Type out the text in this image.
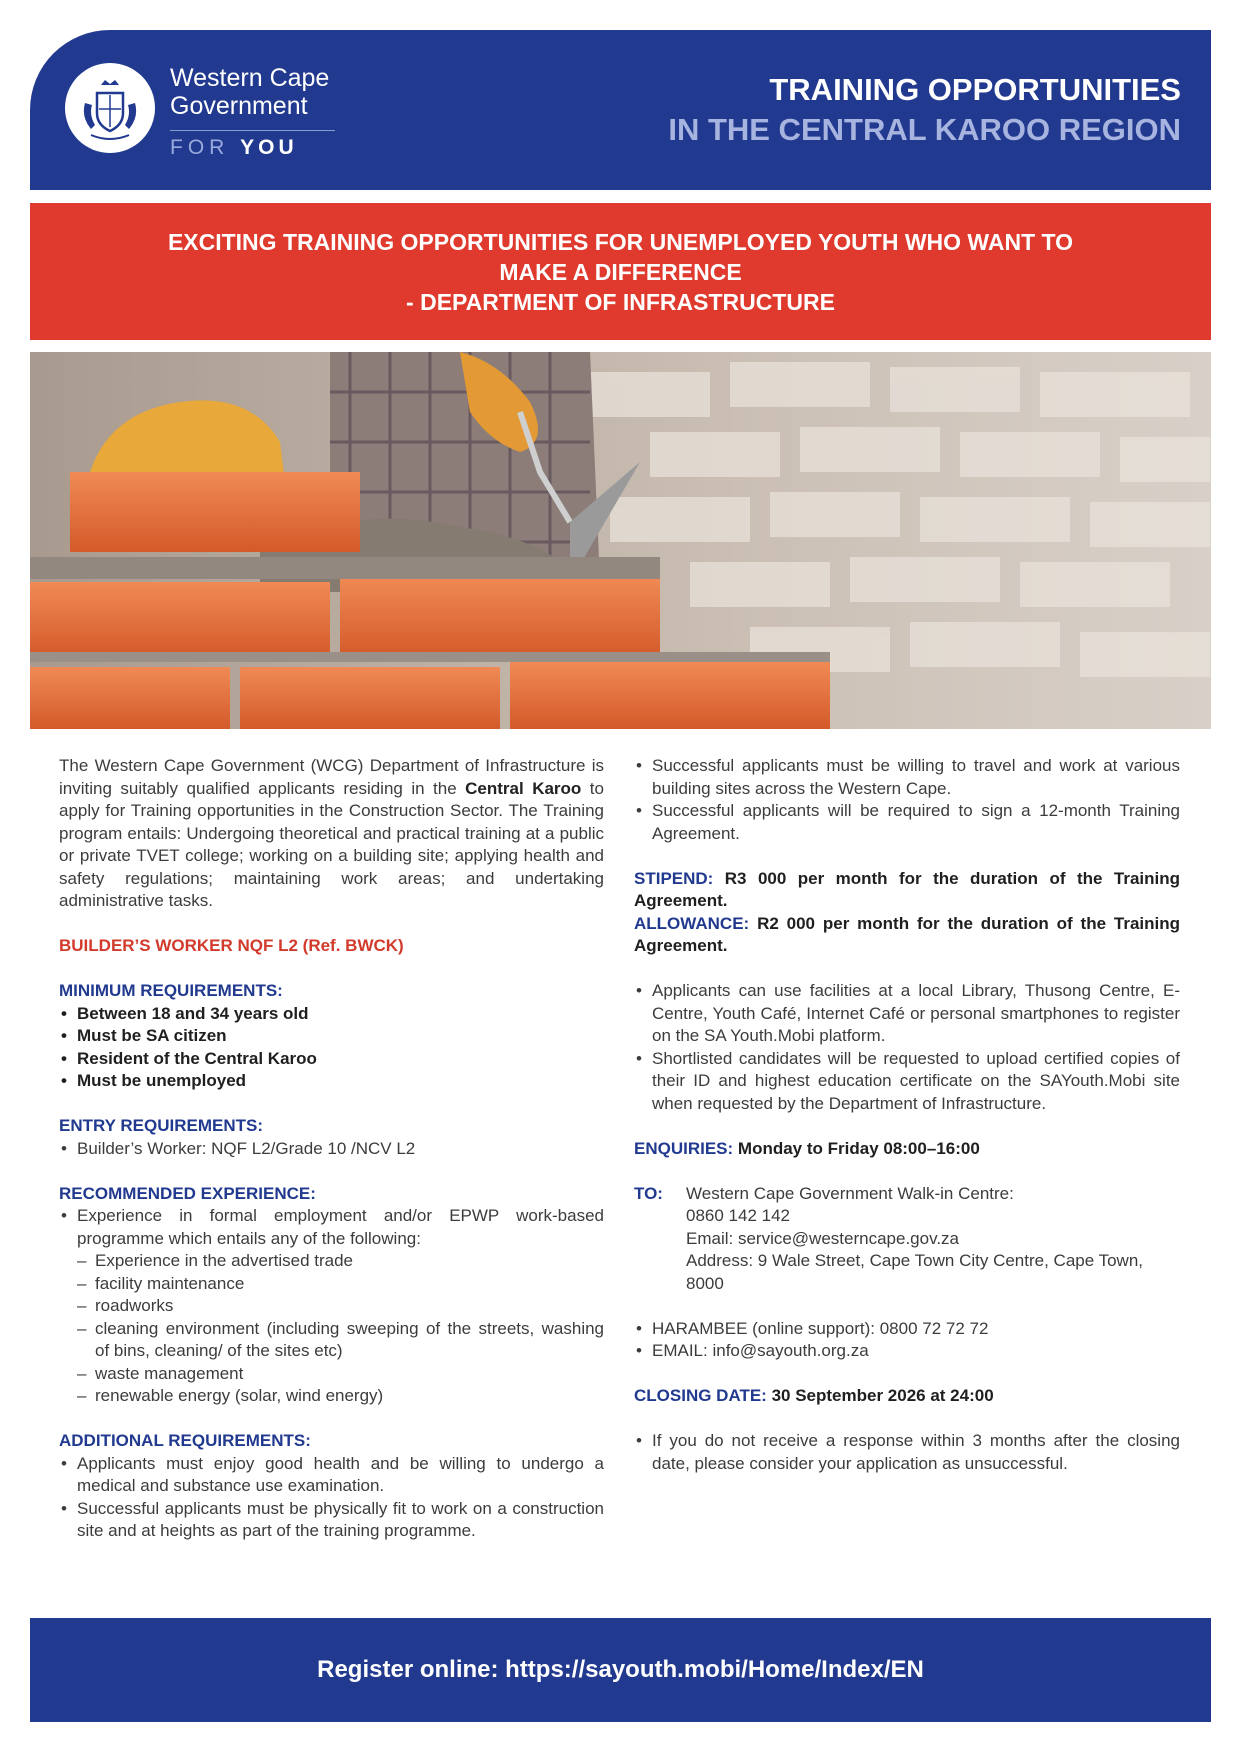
Western Cape
Government
FOR YOU
TRAINING OPPORTUNITIES
IN THE CENTRAL KAROO REGION
EXCITING TRAINING OPPORTUNITIES FOR UNEMPLOYED YOUTH WHO WANT TO
MAKE A DIFFERENCE
- DEPARTMENT OF INFRASTRUCTURE

The Western Cape Government (WCG) Department of Infrastructure is inviting suitably qualified applicants residing in the Central Karoo to apply for Training opportunities in the Construction Sector. The Training program entails: Undergoing theoretical and practical training at a public or private TVET college; working on a building site; applying health and safety regulations; maintaining work areas; and undertaking administrative tasks.

BUILDER’S WORKER NQF L2 (Ref. BWCK)

MINIMUM REQUIREMENTS:

• Between 18 and 34 years old
• Must be SA citizen
• Resident of the Central Karoo
• Must be unemployed

ENTRY REQUIREMENTS:

• Builder’s Worker: NQF L2/Grade 10 /NCV L2

RECOMMENDED EXPERIENCE:

• Experience in formal employment and/or EPWP work-based programme which entails any of the following:
– Experience in the advertised trade
– facility maintenance
– roadworks
– cleaning environment (including sweeping of the streets, washing of bins, cleaning/ of the sites etc)
– waste management
– renewable energy (solar, wind energy)

ADDITIONAL REQUIREMENTS:

• Applicants must enjoy good health and be willing to undergo a medical and substance use examination.
• Successful applicants must be physically fit to work on a construction site and at heights as part of the training programme.
• Successful applicants must be willing to travel and work at various building sites across the Western Cape.
• Successful applicants will be required to sign a 12-month Training Agreement.

STIPEND: R3 000 per month for the duration of the Training Agreement.

ALLOWANCE: R2 000 per month for the duration of the Training Agreement.

• Applicants can use facilities at a local Library, Thusong Centre, E-Centre, Youth Café, Internet Café or personal smartphones to register on the SA Youth.Mobi platform.
• Shortlisted candidates will be requested to upload certified copies of their ID and highest education certificate on the SAYouth.Mobi site when requested by the Department of Infrastructure.

ENQUIRIES: Monday to Friday 08:00–16:00

TO:	Western Cape Government Walk-in Centre:
0860 142 142
Email: service@westerncape.gov.za
Address: 9 Wale Street, Cape Town City Centre, Cape Town, 8000
• HARAMBEE (online support): 0800 72 72 72
• EMAIL: info@sayouth.org.za

CLOSING DATE: 30 September 2026 at 24:00

• If you do not receive a response within 3 months after the closing date, please consider your application as unsuccessful.
Register online: https://sayouth.mobi/Home/Index/EN
